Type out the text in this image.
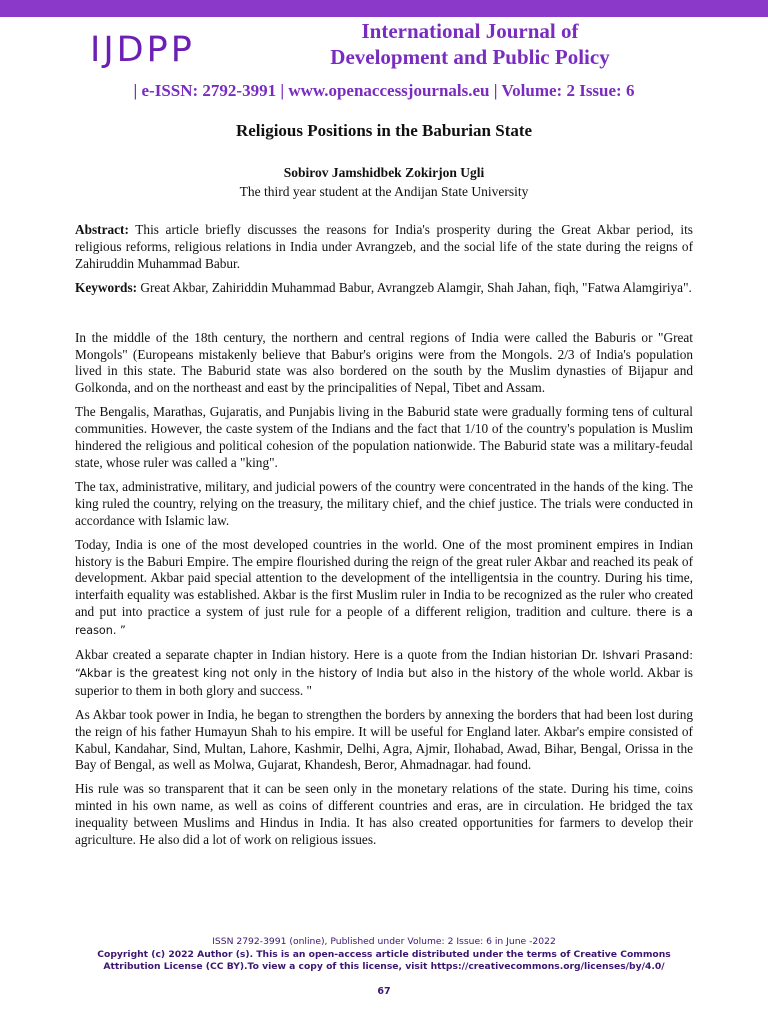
IJDPP	International Journal of
Development and Public Policy
| e-ISSN: 2792-3991 | www.openaccessjournals.eu | Volume: 2 Issue: 6
Religious Positions in the Baburian State
Sobirov Jamshidbek Zokirjon Ugli
The third year student at the Andijan State University

Abstract: This article briefly discusses the reasons for India's prosperity during the Great Akbar period, its religious reforms, religious relations in India under Avrangzeb, and the social life of the state during the reigns of Zahiruddin Muhammad Babur.

Keywords: Great Akbar, Zahiriddin Muhammad Babur, Avrangzeb Alamgir, Shah Jahan, fiqh, "Fatwa Alamgiriya".

In the middle of the 18th century, the northern and central regions of India were called the Baburis or "Great Mongols" (Europeans mistakenly believe that Babur's origins were from the Mongols. 2/3 of India's population lived in this state. The Baburid state was also bordered on the south by the Muslim dynasties of Bijapur and Golkonda, and on the northeast and east by the principalities of Nepal, Tibet and Assam.

The Bengalis, Marathas, Gujaratis, and Punjabis living in the Baburid state were gradually forming tens of cultural communities. However, the caste system of the Indians and the fact that 1/10 of the country's population is Muslim hindered the religious and political cohesion of the population nationwide. The Baburid state was a military-feudal state, whose ruler was called a "king".

The tax, administrative, military, and judicial powers of the country were concentrated in the hands of the king. The king ruled the country, relying on the treasury, the military chief, and the chief justice. The trials were conducted in accordance with Islamic law.

Today, India is one of the most developed countries in the world. One of the most prominent empires in Indian history is the Baburi Empire. The empire flourished during the reign of the great ruler Akbar and reached its peak of development. Akbar paid special attention to the development of the intelligentsia in the country. During his time, interfaith equality was established. Akbar is the first Muslim ruler in India to be recognized as the ruler who created and put into practice a system of just rule for a people of a different religion, tradition and culture. there is a reason. ”

Akbar created a separate chapter in Indian history. Here is a quote from the Indian historian Dr. Ishvari Prasand: “Akbar is the greatest king not only in the history of India but also in the history of the whole world. Akbar is superior to them in both glory and success. "

As Akbar took power in India, he began to strengthen the borders by annexing the borders that had been lost during the reign of his father Humayun Shah to his empire. It will be useful for England later. Akbar's empire consisted of Kabul, Kandahar, Sind, Multan, Lahore, Kashmir, Delhi, Agra, Ajmir, Ilohabad, Awad, Bihar, Bengal, Orissa in the Bay of Bengal, as well as Molwa, Gujarat, Khandesh, Beror, Ahmadnagar. had found.

His rule was so transparent that it can be seen only in the monetary relations of the state. During his time, coins minted in his own name, as well as coins of different countries and eras, are in circulation. He bridged the tax inequality between Muslims and Hindus in India. It has also created opportunities for farmers to develop their agriculture. He also did a lot of work on religious issues.

ISSN 2792-3991 (online), Published under Volume: 2 Issue: 6 in June -2022
Copyright (c) 2022 Author (s). This is an open-access article distributed under the terms of Creative Commons
Attribution License (CC BY).To view a copy of this license, visit https://creativecommons.org/licenses/by/4.0/
67
